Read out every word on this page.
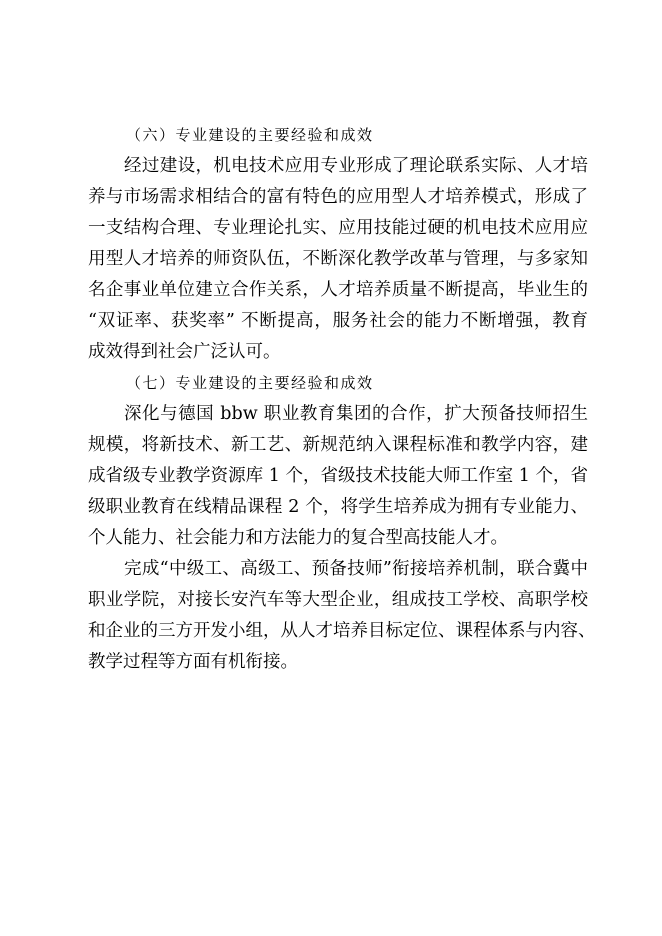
（六）专业建设的主要经验和成效
经过建设，机电技术应用专业形成了理论联系实际、人才培
养与市场需求相结合的富有特色的应用型人才培养模式，形成了
一支结构合理、专业理论扎实、应用技能过硬的机电技术应用应
用型人才培养的师资队伍，不断深化教学改革与管理，与多家知
名企事业单位建立合作关系，人才培养质量不断提高，毕业生的
“双证率、获奖率” 不断提高，服务社会的能力不断增强，教育
成效得到社会广泛认可。
（七）专业建设的主要经验和成效
深化与德国 bbw 职业教育集团的合作，扩大预备技师招生
规模，将新技术、新工艺、新规范纳入课程标准和教学内容，建
成省级专业教学资源库 1 个，省级技术技能大师工作室 1 个，省
级职业教育在线精品课程 2 个，将学生培养成为拥有专业能力、
个人能力、社会能力和方法能力的复合型高技能人才。
完成“中级工、高级工、预备技师”衔接培养机制，联合冀中
职业学院，对接长安汽车等大型企业，组成技工学校、高职学校
和企业的三方开发小组，从人才培养目标定位、课程体系与内容、
教学过程等方面有机衔接。
